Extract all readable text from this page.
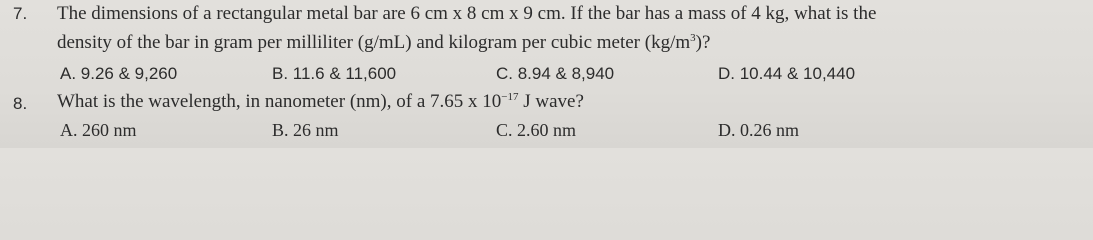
7. The dimensions of a rectangular metal bar are 6 cm x 8 cm x 9 cm. If the bar has a mass of 4 kg, what is the
density of the bar in gram per milliliter (g/mL) and kilogram per cubic meter $(kg/m^3)$?
A. 9.26 & 9,260	B. 11.6 & 11,600	C. 8.94 & 8,940	D. 10.44 & 10,440
8. What is the wavelength, in nanometer (nm), of a 7.65 x $10^{-17}$ J wave?
A. 260 nm	B. 26 nm	C. 2.60 nm	D. 0.26 nm
